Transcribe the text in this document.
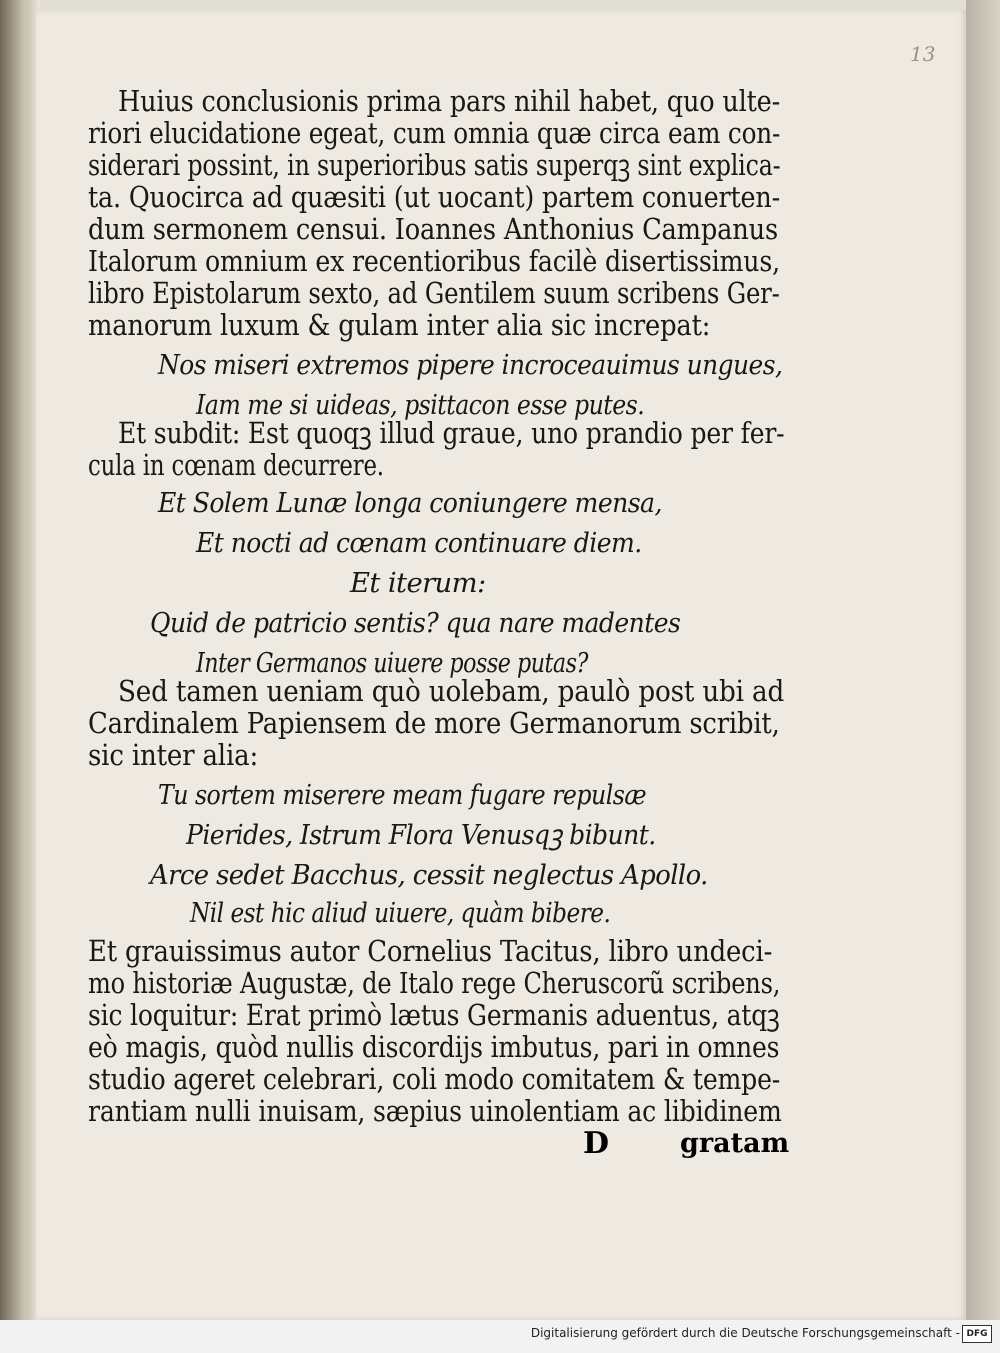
13
Huius conclusionis prima pars nihil habet, quo ulte-
riori elucidatione egeat, cum omnia quæ circa eam con-
siderari possint, in superioribus satis superqꝫ sint explica-
ta. Quocirca ad quæsiti (ut uocant) partem conuerten-
dum sermonem censui. Ioannes Anthonius Campanus
Italorum omnium ex recentioribus facilè disertissimus,
libro Epistolarum sexto, ad Gentilem suum scribens Ger-
manorum luxum & gulam inter alia sic increpat:
Nos miseri extremos pipere incroceauimus ungues,
Iam me si uideas, psittacon esse putes.
Et subdit: Est quoqꝫ illud graue, uno prandio per fer-
cula in cœnam decurrere.
Et Solem Lunæ longa coniungere mensa,
Et nocti ad cœnam continuare diem.
Et iterum:
Quid de patricio sentis? qua nare madentes
Inter Germanos uiuere posse putas?
Sed tamen ueniam quò uolebam, paulò post ubi ad
Cardinalem Papiensem de more Germanorum scribit,
sic inter alia:
Tu sortem miserere meam fugare repulsæ
Pierides, Istrum Flora Venusqꝫ bibunt.
Arce sedet Bacchus, cessit neglectus Apollo.
Nil est hic aliud uiuere, quàm bibere.
Et grauissimus autor Cornelius Tacitus, libro undeci-
mo historiæ Augustæ, de Italo rege Cheruscorũ scribens,
sic loquitur: Erat primò lætus Germanis aduentus, atqꝫ
eò magis, quòd nullis discordijs imbutus, pari in omnes
studio ageret celebrari, coli modo comitatem & tempe-
rantiam nulli inuisam, sæpius uinolentiam ac libidinem
D	gratam
Digitalisierung gefördert durch die Deutsche Forschungsgemeinschaft - DFG
